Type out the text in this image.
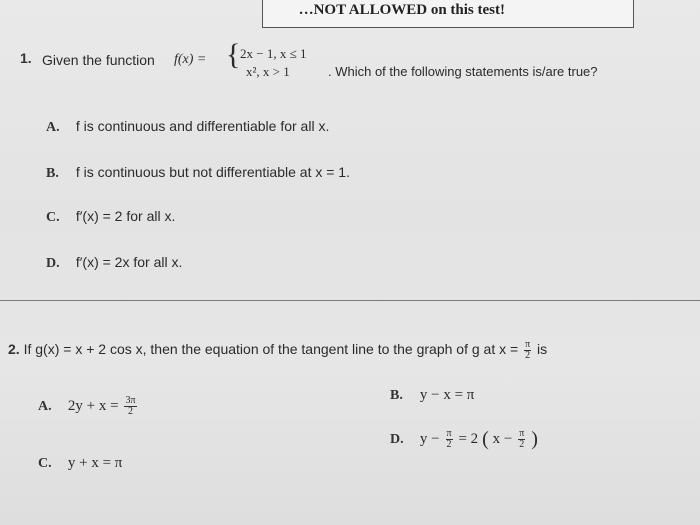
…NOT ALLOWED on this test!
1. Given the function f(x) = { 2x − 1, x ≤ 1
x², x > 1	. Which of the following statements is/are true?
A. f is continuous and differentiable for all x.
B. f is continuous but not differentiable at x = 1.
C. f′(x) = 2 for all x.
D. f′(x) = 2x for all x.
2. If g(x) = x + 2 cos x, then the equation of the tangent line to the graph of g at $x = \frac{\pi}{2}$ is
A. $2y + x = \frac{3\pi}{2}$
B. y − x = π
C. y + x = π
D. $y - \frac{\pi}{2} = 2$ ( $x - \frac{\pi}{2}$ )
